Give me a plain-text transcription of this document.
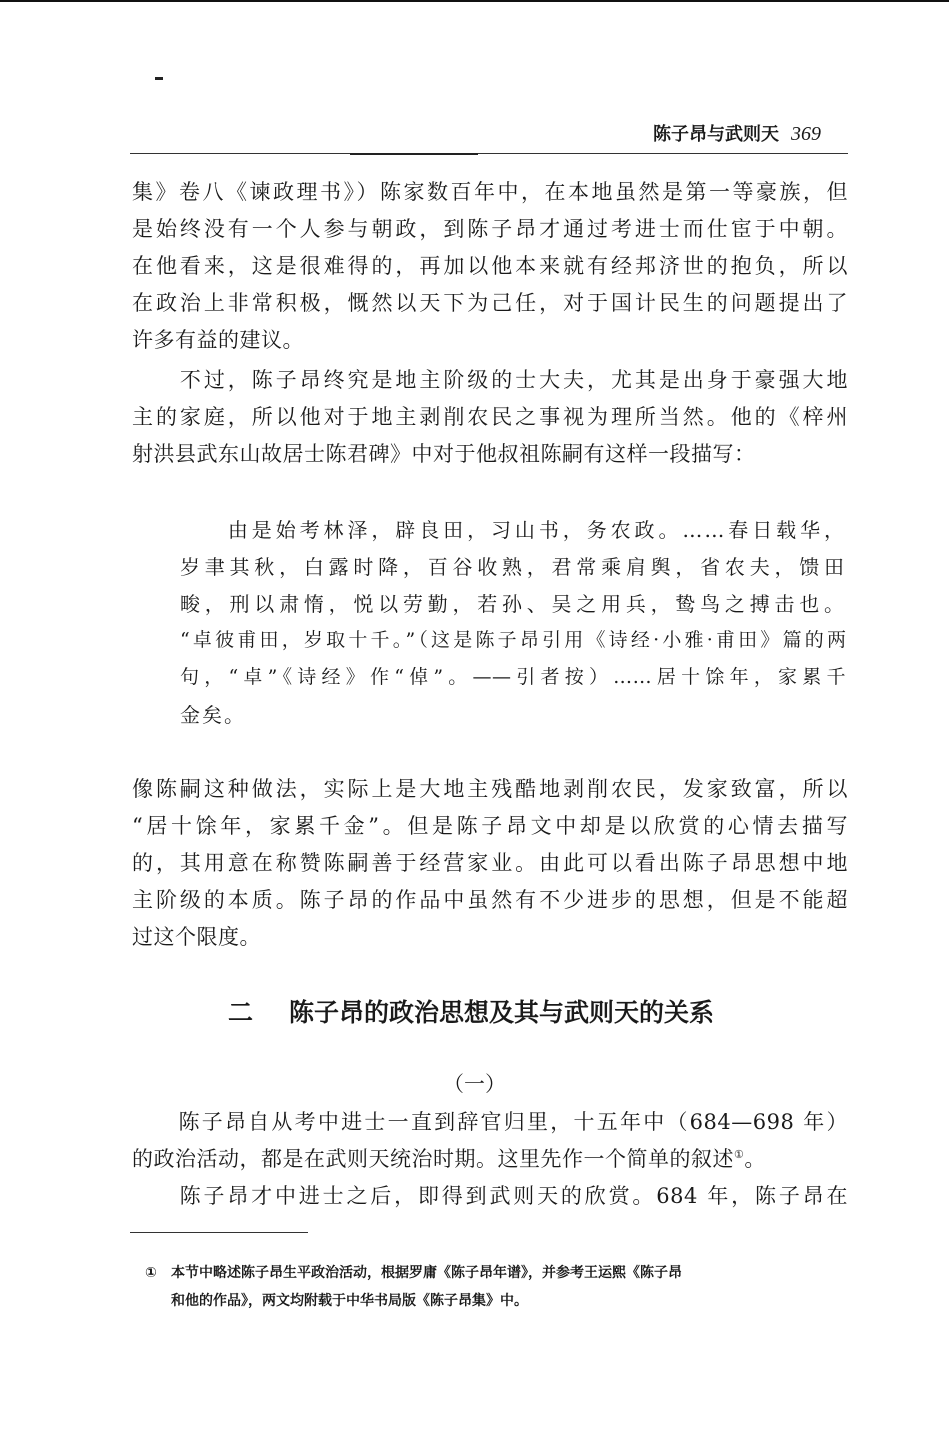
陈子昂与武则天 369
集》卷八《谏政理书》）陈家数百年中，在本地虽然是第一等豪族，但
是始终没有一个人参与朝政，到陈子昂才通过考进士而仕宦于中朝。
在他看来，这是很难得的，再加以他本来就有经邦济世的抱负，所以
在政治上非常积极，慨然以天下为己任，对于国计民生的问题提出了
许多有益的建议。
　　不过，陈子昂终究是地主阶级的士大夫，尤其是出身于豪强大地
主的家庭，所以他对于地主剥削农民之事视为理所当然。他的《梓州
射洪县武东山故居士陈君碑》中对于他叔祖陈嗣有这样一段描写：
　　由是始考林泽，辟良田，习山书，务农政。……春日载华，
岁聿其秋，白露时降，百谷收熟，君常乘肩舆，省农夫，馈田
畯，刑以肃惰，悦以劳勤，若孙、吴之用兵，鸷鸟之搏击也。
“卓彼甫田，岁取十千。”（这是陈子昂引用《诗经·小雅·甫田》篇的两
句，“卓”《诗经》作“倬”。——引者按）……居十馀年，家累千
金矣。
像陈嗣这种做法，实际上是大地主残酷地剥削农民，发家致富，所以
“居十馀年，家累千金”。但是陈子昂文中却是以欣赏的心情去描写
的，其用意在称赞陈嗣善于经营家业。由此可以看出陈子昂思想中地
主阶级的本质。陈子昂的作品中虽然有不少进步的思想，但是不能超
过这个限度。
二 陈子昂的政治思想及其与武则天的关系
（一）
　　陈子昂自从考中进士一直到辞官归里，十五年中（684—698 年）
的政治活动，都是在武则天统治时期。这里先作一个简单的叙述①。
　　陈子昂才中进士之后，即得到武则天的欣赏。684 年，陈子昂在
① 本节中略述陈子昂生平政治活动，根据罗庸《陈子昂年谱》，并参考王运熙《陈子昂
和他的作品》，两文均附载于中华书局版《陈子昂集》中。
